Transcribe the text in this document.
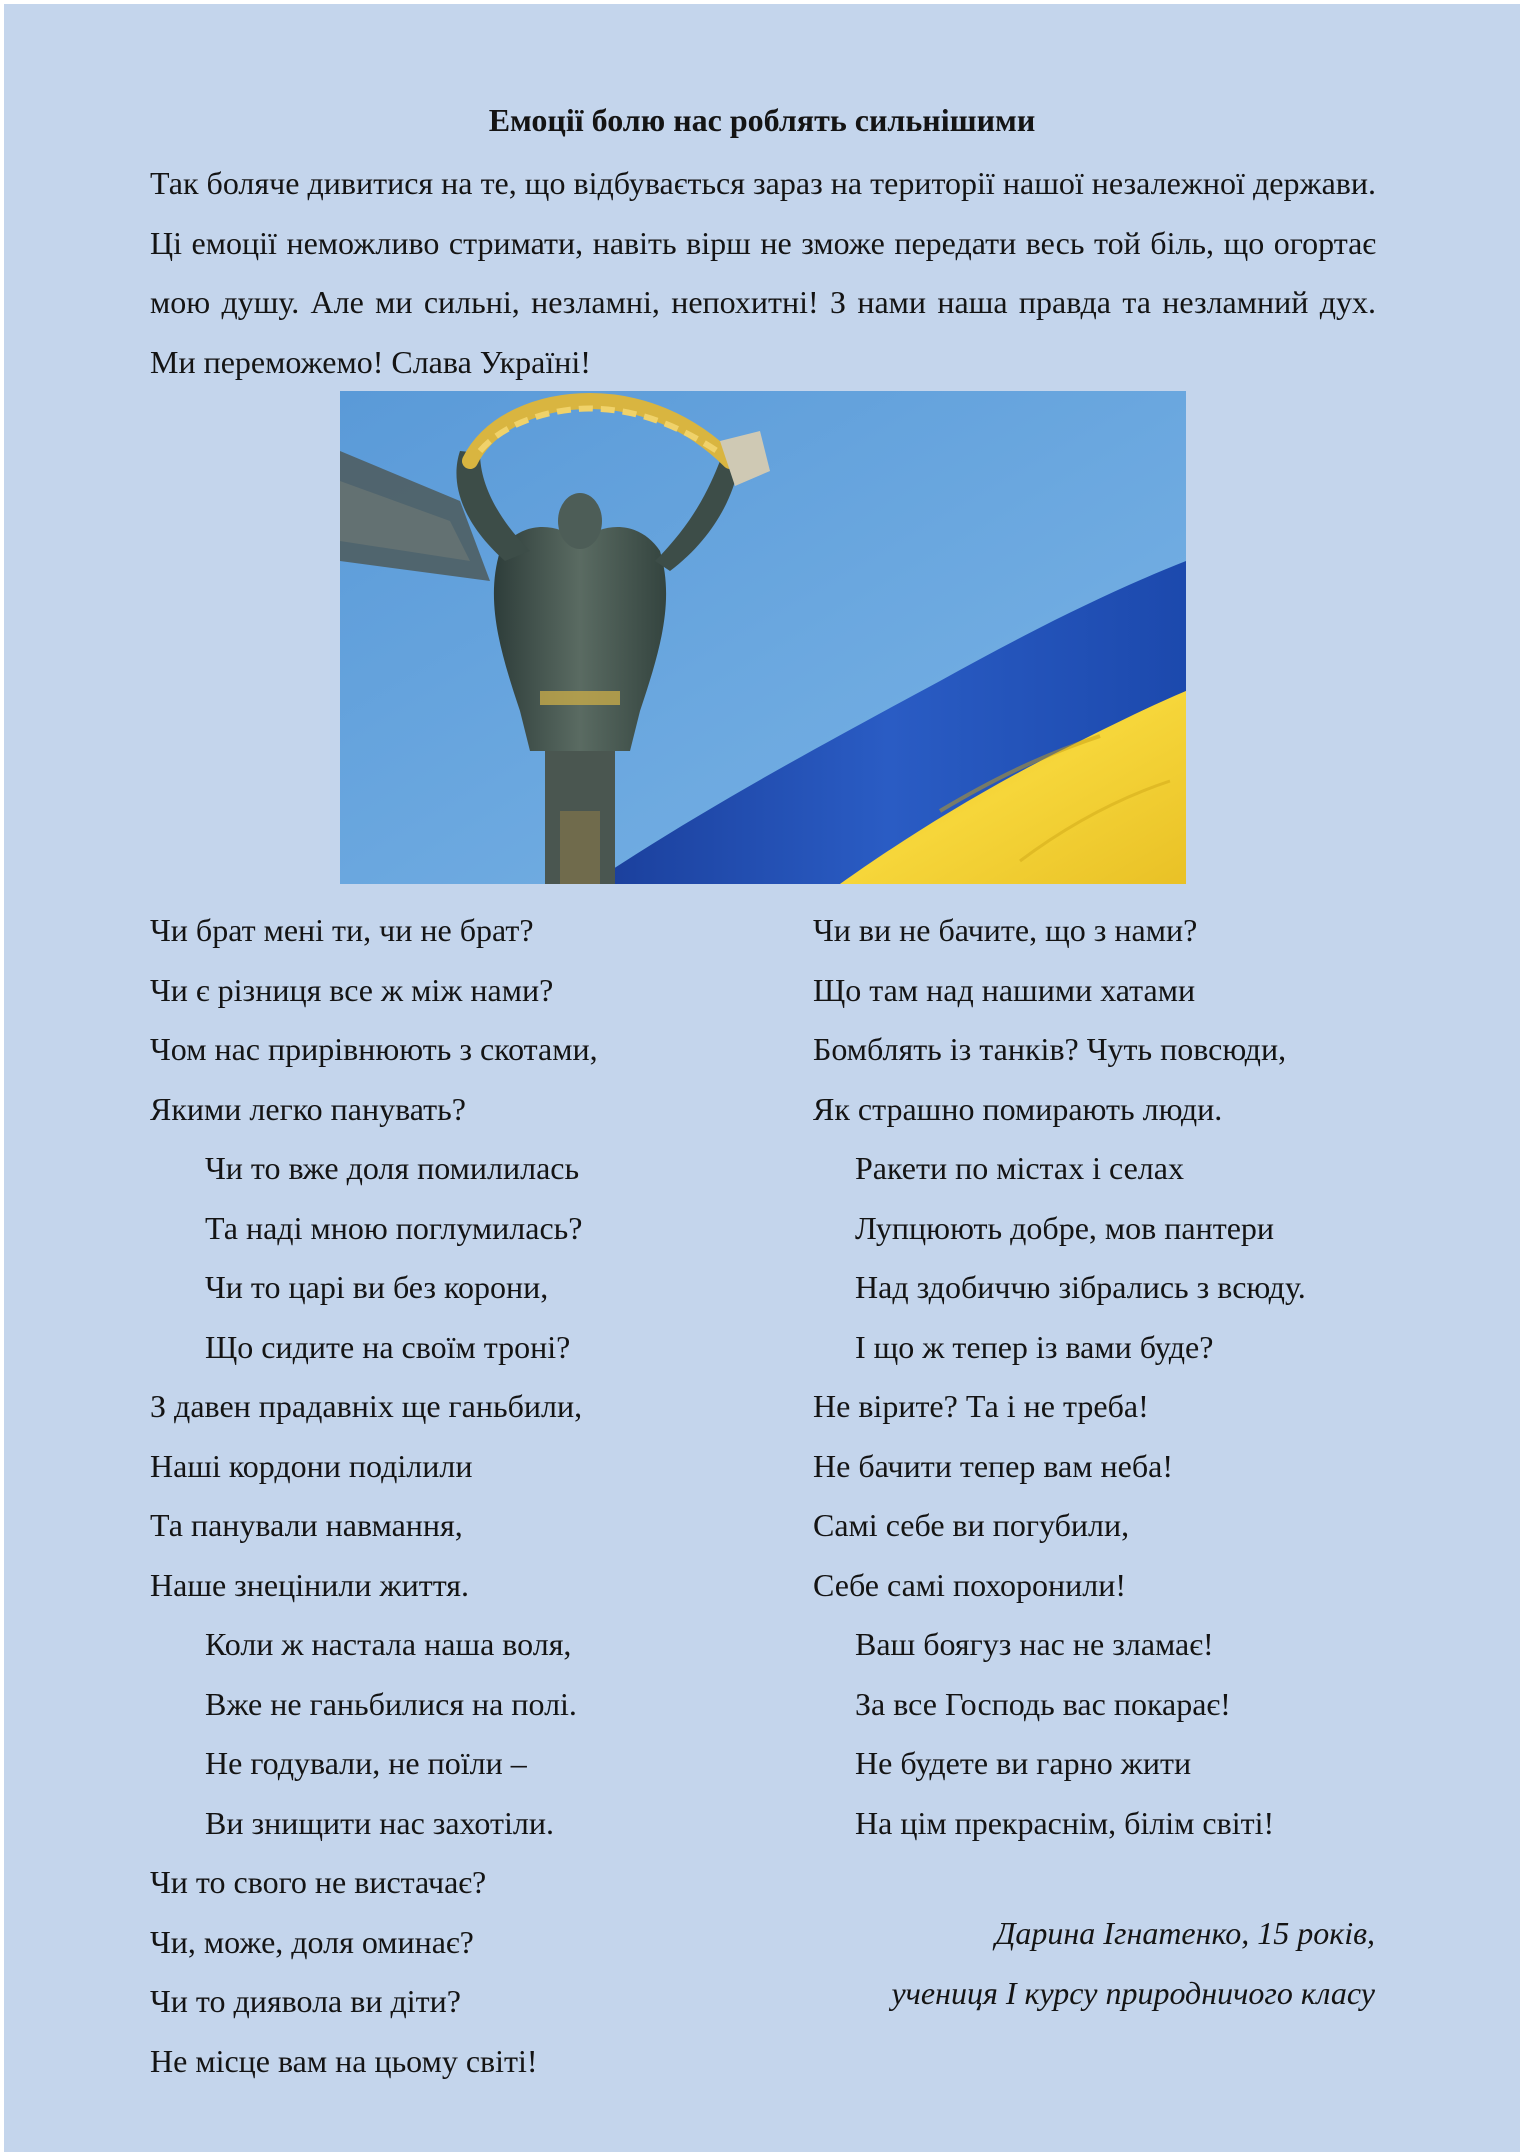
Емоції болю нас роблять сильнішими

Так боляче дивитися на те, що відбувається зараз на території нашої незалежної держави. Ці емоції неможливо стримати, навіть вірш не зможе передати весь той біль, що огортає мою душу. Але ми сильні, незламні, непохитні! З нами наша правда та незламний дух. Ми переможемо! Слава Україні!

Чи брат мені ти, чи не брат?
Чи є різниця все ж між нами?
Чом нас прирівнюють з скотами,
Якими легко панувать?
Чи то вже доля помилилась
Та наді мною поглумилась?
Чи то царі ви без корони,
Що сидите на своїм троні?
З давен прадавніх ще ганьбили,
Наші кордони поділили
Та панували навмання,
Наше знецінили життя.
Коли ж настала наша воля,
Вже не ганьбилися на полі.
Не годували, не поїли –
Ви знищити нас захотіли.
Чи то свого не вистачає?
Чи, може, доля оминає?
Чи то диявола ви діти?
Не місце вам на цьому світі!
Чи ви не бачите, що з нами?
Що там над нашими хатами
Бомблять із танків? Чуть повсюди,
Як страшно помирають люди.
Ракети по містах і селах
Лупцюють добре, мов пантери
Над здобиччю зібрались з всюду.
І що ж тепер із вами буде?
Не вірите? Та і не треба!
Не бачити тепер вам неба!
Самі себе ви погубили,
Себе самі похоронили!
Ваш боягуз нас не зламає!
За все Господь вас покарає!
Не будете ви гарно жити
На цім прекраснім, білім світі!
Дарина Ігнатенко, 15 років,
учениця І курсу природничого класу
